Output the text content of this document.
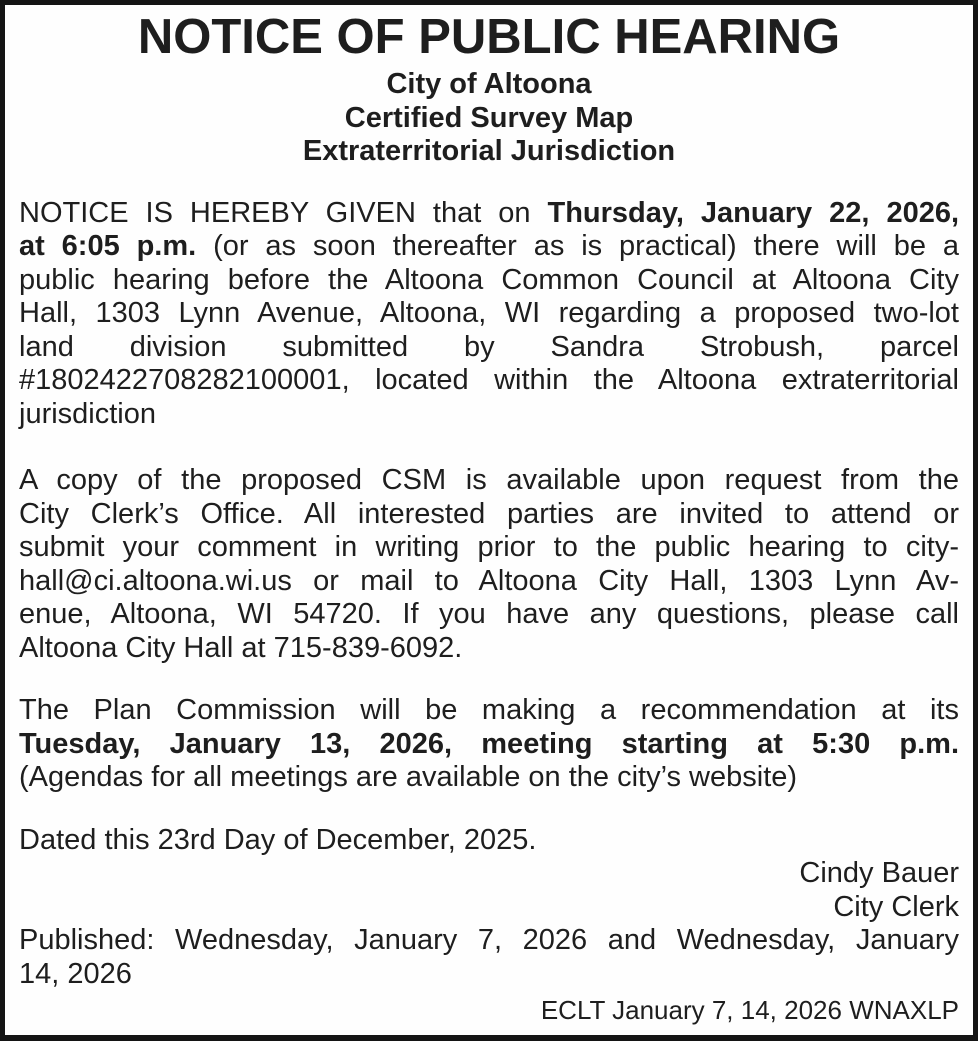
NOTICE OF PUBLIC HEARING
City of Altoona
Certified Survey Map
Extraterritorial Jurisdiction
NOTICE IS HEREBY GIVEN that on Thursday, January 22, 2026,
at 6:05 p.m. (or as soon thereafter as is practical) there will be a
public hearing before the Altoona Common Council at Altoona City
Hall, 1303 Lynn Avenue, Altoona, WI regarding a proposed two-lot
land division submitted by Sandra Strobush, parcel
#1802422708282100001, located within the Altoona extraterritorial
jurisdiction
A copy of the proposed CSM is available upon request from the
City Clerk’s Office. All interested parties are invited to attend or
submit your comment in writing prior to the public hearing to city-
hall@ci.altoona.wi.us or mail to Altoona City Hall, 1303 Lynn Av-
enue, Altoona, WI 54720. If you have any questions, please call
Altoona City Hall at 715-839-6092.
The Plan Commission will be making a recommendation at its
Tuesday, January 13, 2026, meeting starting at 5:30 p.m.
(Agendas for all meetings are available on the city’s website)
Dated this 23rd Day of December, 2025.
Cindy Bauer
City Clerk
Published: Wednesday, January 7, 2026 and Wednesday, January
14, 2026
ECLT January 7, 14, 2026 WNAXLP
